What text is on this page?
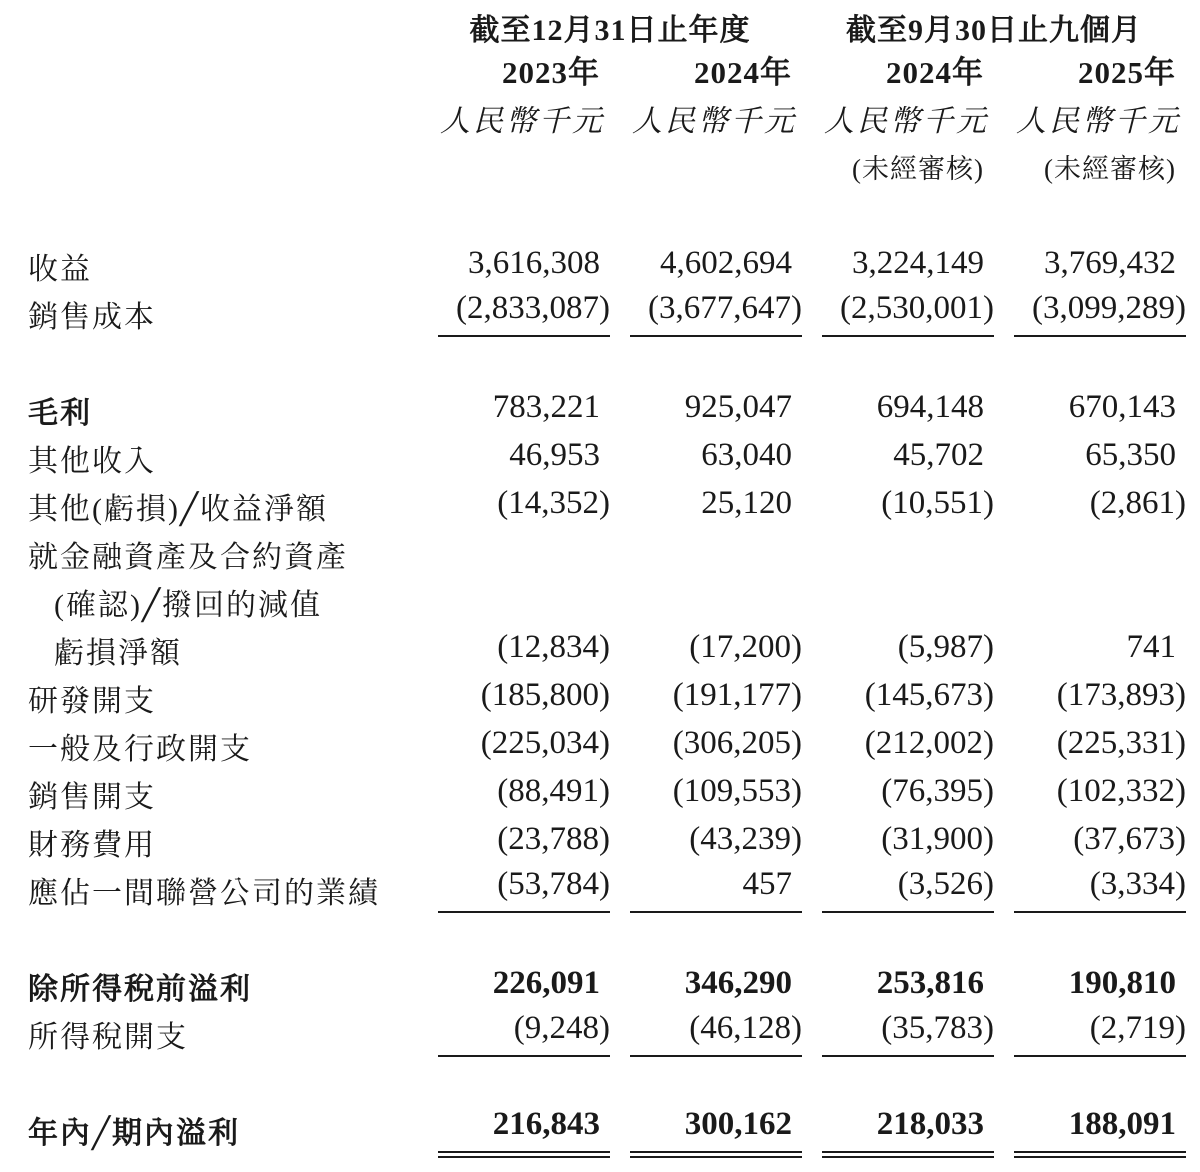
	截至12月31日止年度		截至9月30日止九個月	

	2023年	2024年	2024年	2025年

	人民幣千元	人民幣千元	人民幣千元	人民幣千元

			(未經審核)	(未經審核)

收益	3,616,308	4,602,694	3,224,149	3,769,432

銷售成本	(2,833,087)	(3,677,647)	(2,530,001)	(3,099,289)

毛利	783,221	925,047	694,148	670,143

其他收入	46,953	63,040	45,702	65,350

其他(虧損)╱收益淨額	(14,352)	25,120	(10,551)	(2,861)

就金融資產及合約資產				
(確認)╱撥回的減值				
虧損淨額	(12,834)	(17,200)	(5,987)	741

研發開支	(185,800)	(191,177)	(145,673)	(173,893)

一般及行政開支	(225,034)	(306,205)	(212,002)	(225,331)

銷售開支	(88,491)	(109,553)	(76,395)	(102,332)

財務費用	(23,788)	(43,239)	(31,900)	(37,673)

應佔一間聯營公司的業績	(53,784)	457	(3,526)	(3,334)

除所得稅前溢利	226,091	346,290	253,816	190,810

所得稅開支	(9,248)	(46,128)	(35,783)	(2,719)

年內╱期內溢利	216,843	300,162	218,033	188,091
